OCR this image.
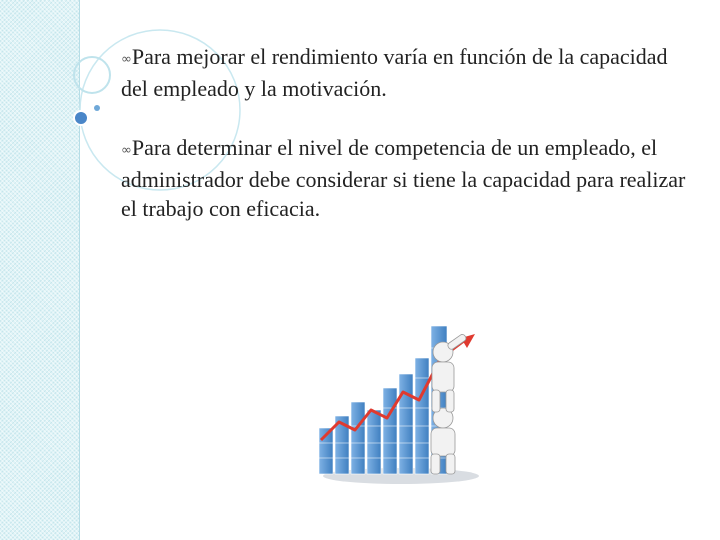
∞Para mejorar el rendimiento varía en función de la capacidad del empleado y la motivación.
∞Para determinar el nivel de competencia de un empleado, el administrador debe considerar si tiene la capacidad para realizar el trabajo con eficacia.
